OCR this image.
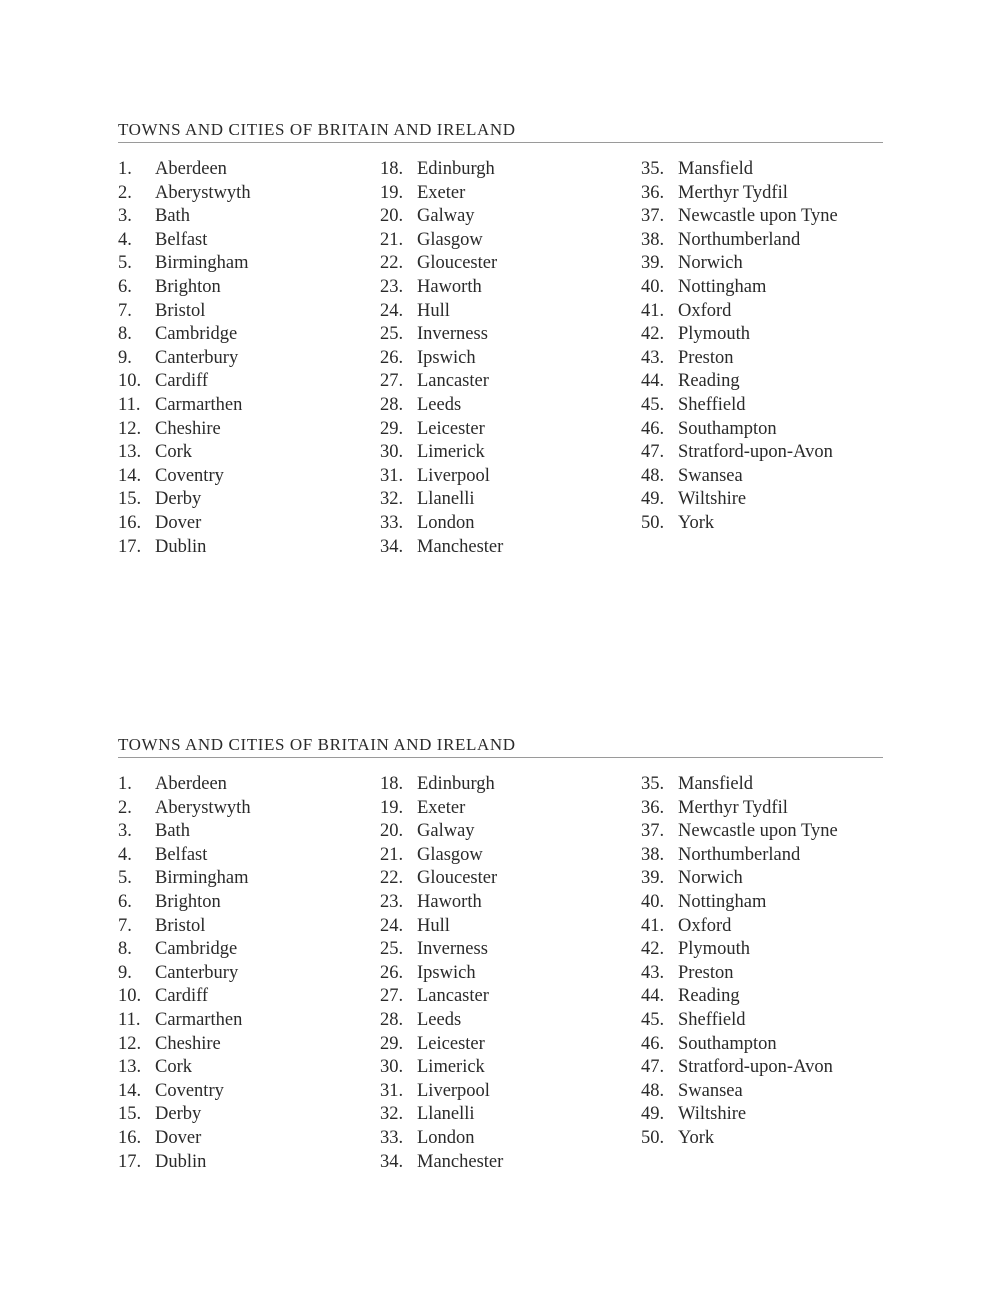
TOWNS AND CITIES OF BRITAIN AND IRELAND
1.	Aberdeen
2.	Aberystwyth
3.	Bath
4.	Belfast
5.	Birmingham
6.	Brighton
7.	Bristol
8.	Cambridge
9.	Canterbury
10. Cardiff
11. Carmarthen
12. Cheshire
13. Cork
14. Coventry
15. Derby
16. Dover
17. Dublin
18. Edinburgh
19. Exeter
20. Galway
21. Glasgow
22. Gloucester
23. Haworth
24. Hull
25. Inverness
26. Ipswich
27. Lancaster
28. Leeds
29. Leicester
30. Limerick
31. Liverpool
32. Llanelli
33. London
34. Manchester
35. Mansfield
36. Merthyr Tydfil
37. Newcastle upon Tyne
38. Northumberland
39. Norwich
40. Nottingham
41. Oxford
42. Plymouth
43. Preston
44. Reading
45. Sheffield
46. Southampton
47. Stratford-upon-Avon
48. Swansea
49. Wiltshire
50. York
TOWNS AND CITIES OF BRITAIN AND IRELAND
1.	Aberdeen
2.	Aberystwyth
3.	Bath
4.	Belfast
5.	Birmingham
6.	Brighton
7.	Bristol
8.	Cambridge
9.	Canterbury
10. Cardiff
11. Carmarthen
12. Cheshire
13. Cork
14. Coventry
15. Derby
16. Dover
17. Dublin
18. Edinburgh
19. Exeter
20. Galway
21. Glasgow
22. Gloucester
23. Haworth
24. Hull
25. Inverness
26. Ipswich
27. Lancaster
28. Leeds
29. Leicester
30. Limerick
31. Liverpool
32. Llanelli
33. London
34. Manchester
35. Mansfield
36. Merthyr Tydfil
37. Newcastle upon Tyne
38. Northumberland
39. Norwich
40. Nottingham
41. Oxford
42. Plymouth
43. Preston
44. Reading
45. Sheffield
46. Southampton
47. Stratford-upon-Avon
48. Swansea
49. Wiltshire
50. York
